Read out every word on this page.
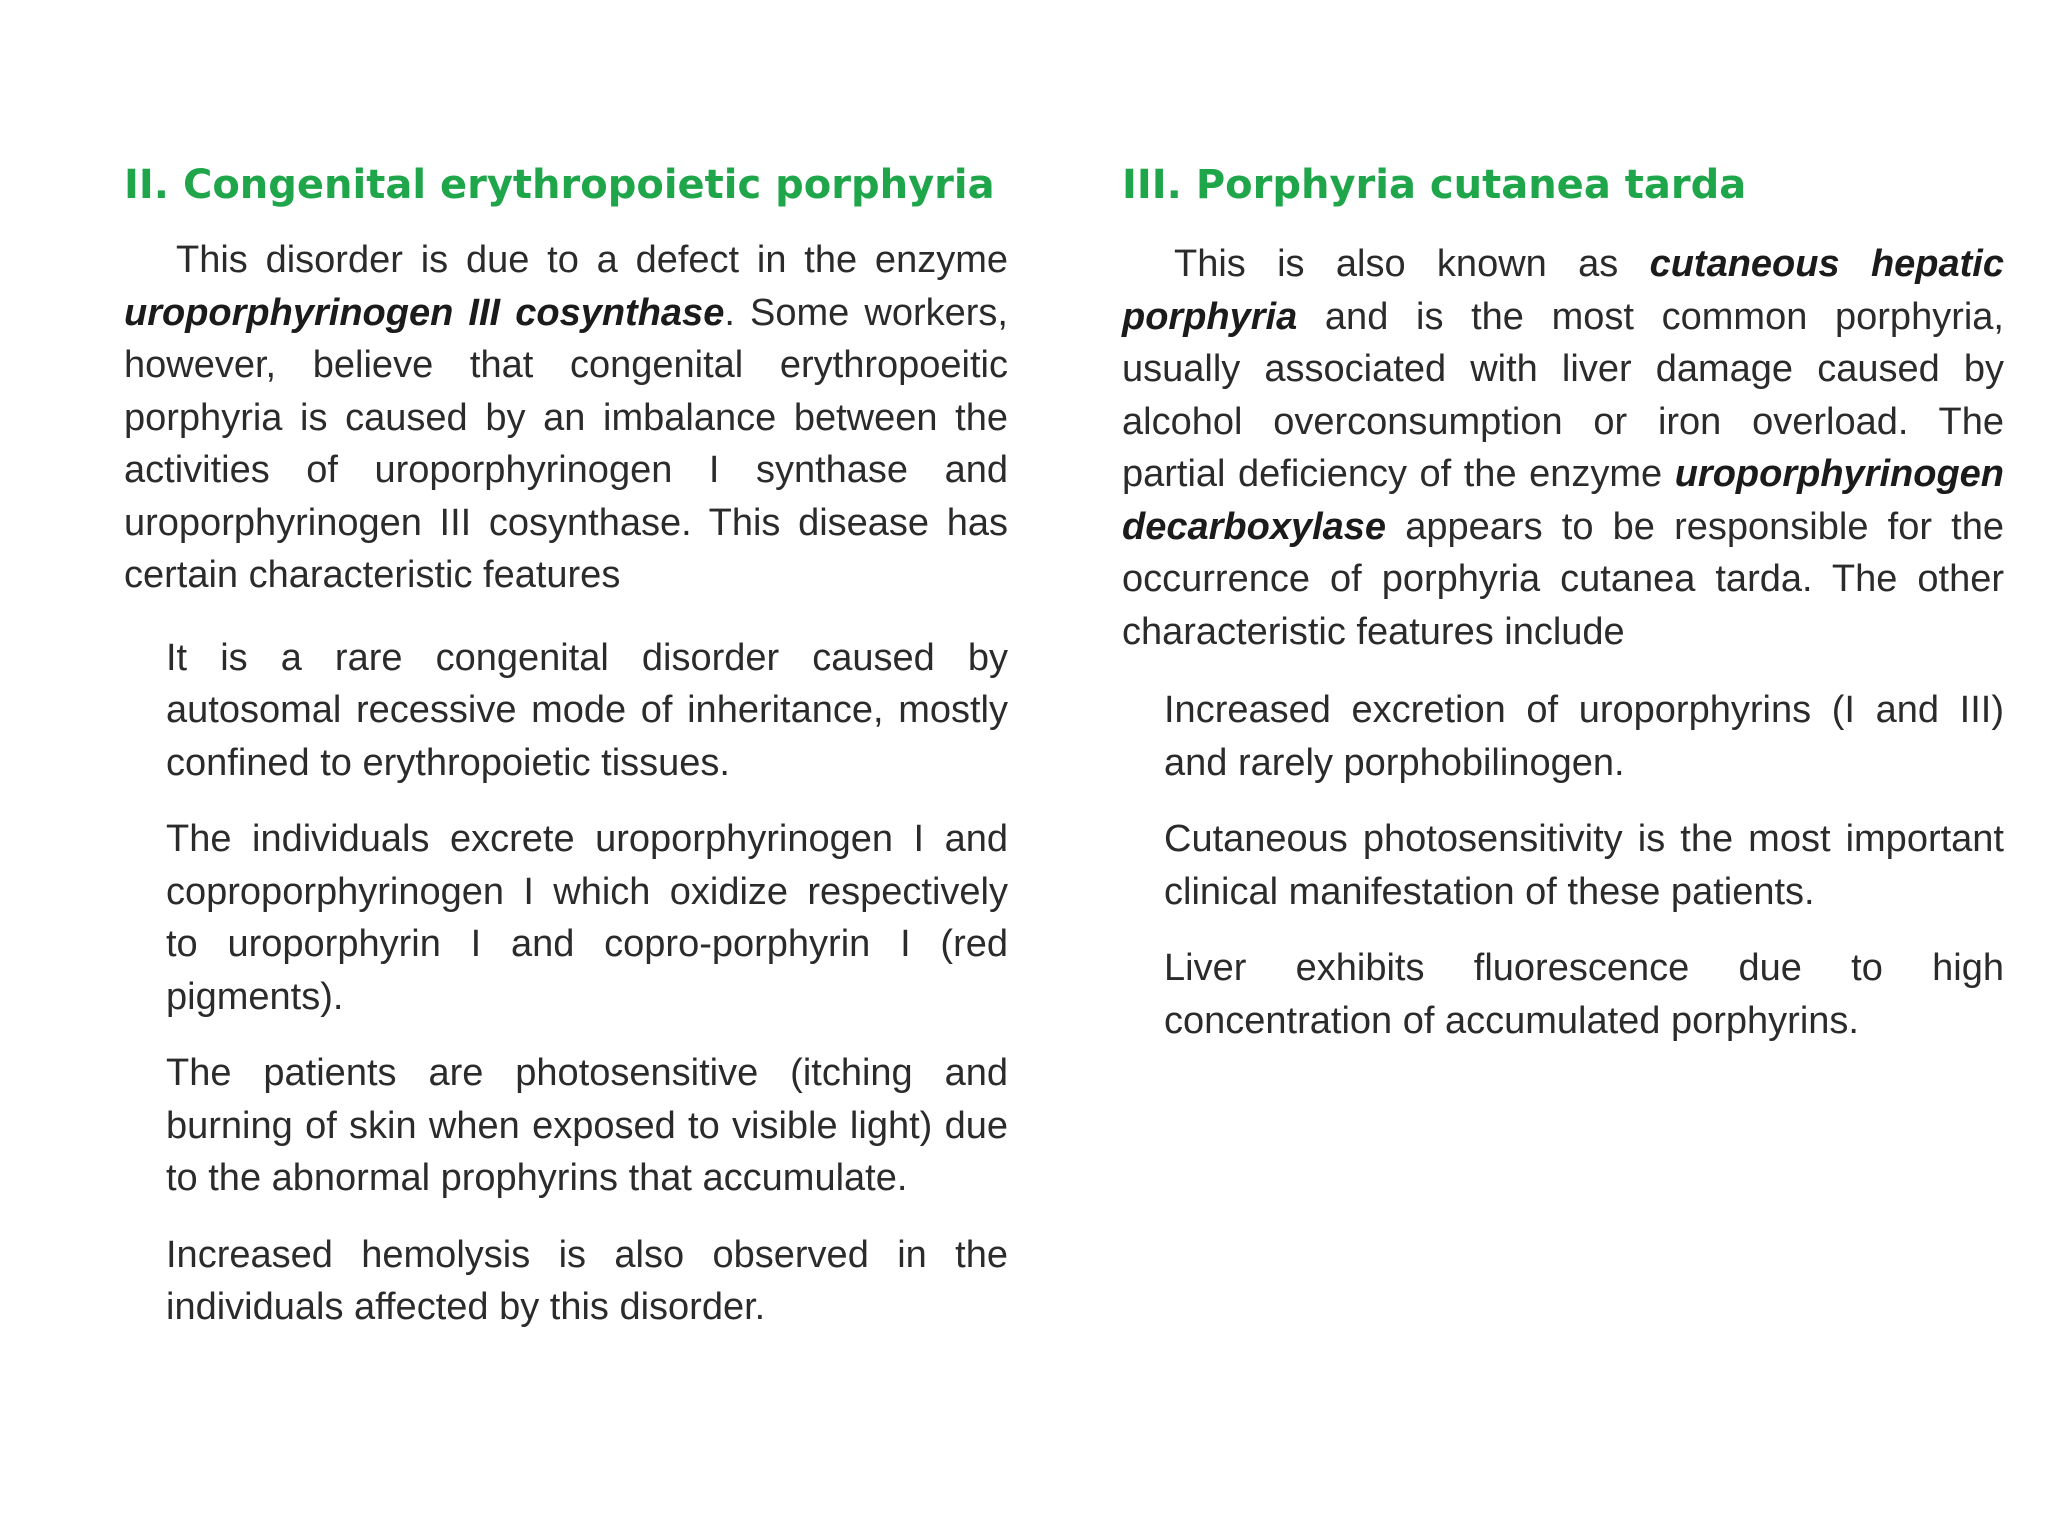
II. Congenital erythropoietic porphyria

This disorder is due to a defect in the enzyme uroporphyrinogen III cosynthase. Some workers, however, believe that congenital erythropoeitic porphyria is caused by an imbalance between the activities of uroporphyrinogen I synthase and uroporphyrinogen III cosynthase. This disease has certain characteristic features

It is a rare congenital disorder caused by autosomal recessive mode of inheritance, mostly confined to erythropoietic tissues.
The individuals excrete uroporphyrinogen I and coproporphyrinogen I which oxidize respectively to uroporphyrin I and copro-porphyrin I (red pigments).
The patients are photosensitive (itching and burning of skin when exposed to visible light) due to the abnormal prophyrins that accumulate.
Increased hemolysis is also observed in the individuals affected by this disorder.
III. Porphyria cutanea tarda

This is also known as cutaneous hepatic porphyria and is the most common porphyria, usually associated with liver damage caused by alcohol overconsumption or iron overload. The partial deficiency of the enzyme uroporphyrinogen decarboxylase appears to be responsible for the occurrence of porphyria cutanea tarda. The other characteristic features include

Increased excretion of uroporphyrins (I and III) and rarely porphobilinogen.
Cutaneous photosensitivity is the most important clinical manifestation of these patients.
Liver exhibits fluorescence due to high concentration of accumulated porphyrins.
